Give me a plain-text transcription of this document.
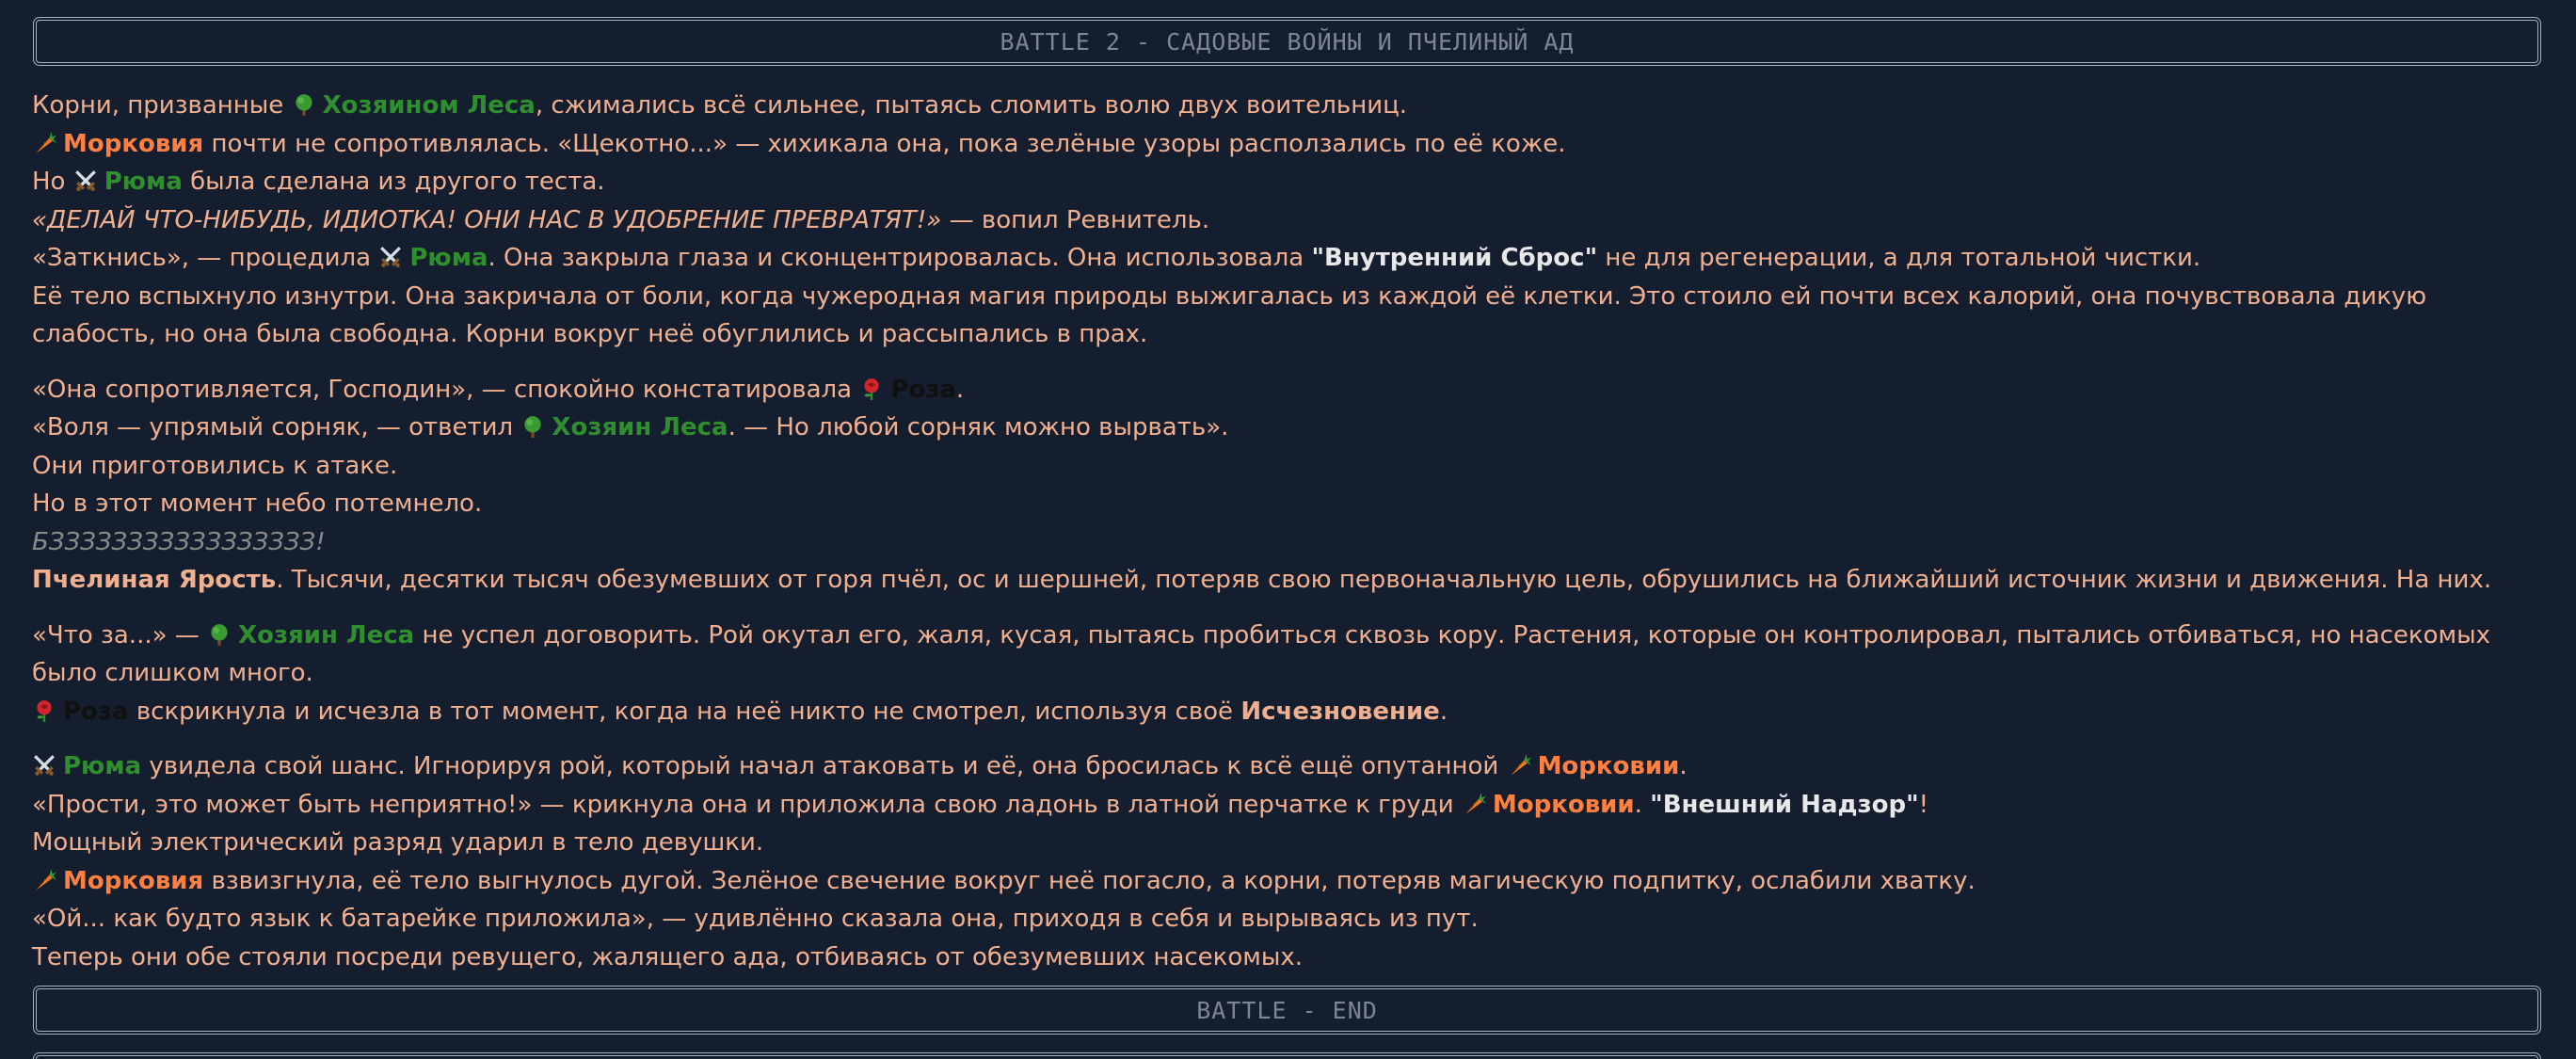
BATTLE 2 - САДОВЫЕ ВОЙНЫ И ПЧЕЛИНЫЙ АД
Корни, призванные Хозяином Леса, сжимались всё сильнее, пытаясь сломить волю двух воительниц.
Морковия почти не сопротивлялась. «Щекотно...» — хихикала она, пока зелёные узоры расползались по её коже.
Но Рюма была сделана из другого теста.
«ДЕЛАЙ ЧТО-НИБУДЬ, ИДИОТКА! ОНИ НАС В УДОБРЕНИЕ ПРЕВРАТЯТ!» — вопил Ревнитель.
«Заткнись», — процедила Рюма. Она закрыла глаза и сконцентрировалась. Она использовала "Внутренний Сброс" не для регенерации, а для тотальной чистки.
Её тело вспыхнуло изнутри. Она закричала от боли, когда чужеродная магия природы выжигалась из каждой её клетки. Это стоило ей почти всех калорий, она почувствовала дикую слабость, но она была свободна. Корни вокруг неё обуглились и рассыпались в прах.
«Она сопротивляется, Господин», — спокойно констатировала Роза.
«Воля — упрямый сорняк, — ответил Хозяин Леса. — Но любой сорняк можно вырвать».
Они приготовились к атаке.
Но в этот момент небо потемнело.
БЗЗЗЗЗЗЗЗЗЗЗЗЗЗЗЗЗ!
Пчелиная Ярость. Тысячи, десятки тысяч обезумевших от горя пчёл, ос и шершней, потеряв свою первоначальную цель, обрушились на ближайший источник жизни и движения. На них.
«Что за...» — Хозяин Леса не успел договорить. Рой окутал его, жаля, кусая, пытаясь пробиться сквозь кору. Растения, которые он контролировал, пытались отбиваться, но насекомых было слишком много.
Роза вскрикнула и исчезла в тот момент, когда на неё никто не смотрел, используя своё Исчезновение.
Рюма увидела свой шанс. Игнорируя рой, который начал атаковать и её, она бросилась к всё ещё опутанной Морковии.
«Прости, это может быть неприятно!» — крикнула она и приложила свою ладонь в латной перчатке к груди Морковии. "Внешний Надзор"!
Мощный электрический разряд ударил в тело девушки.
Морковия взвизгнула, её тело выгнулось дугой. Зелёное свечение вокруг неё погасло, а корни, потеряв магическую подпитку, ослабили хватку.
«Ой... как будто язык к батарейке приложила», — удивлённо сказала она, приходя в себя и вырываясь из пут.
Теперь они обе стояли посреди ревущего, жалящего ада, отбиваясь от обезумевших насекомых.
BATTLE - END
